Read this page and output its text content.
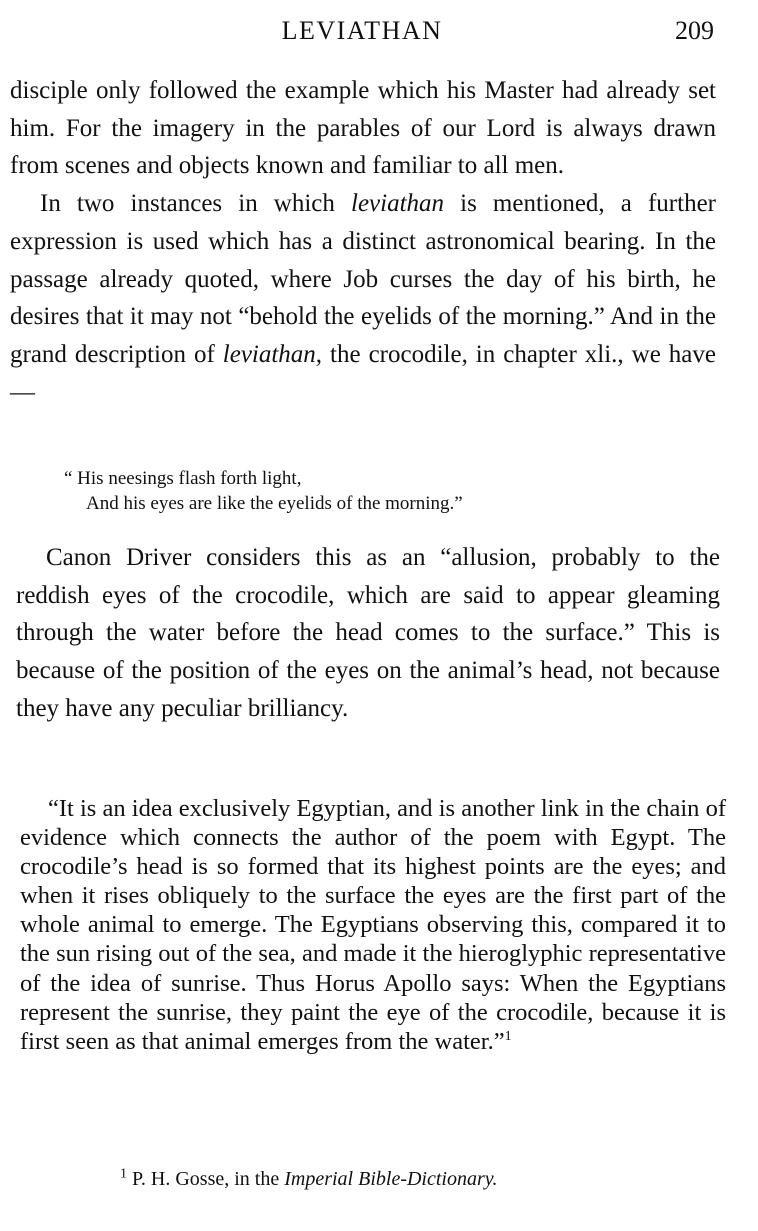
LEVIATHAN	209

disciple only followed the example which his Master had already set him. For the imagery in the parables of our Lord is always drawn from scenes and objects known and familiar to all men.

In two instances in which leviathan is mentioned, a further expression is used which has a distinct astronomical bearing. In the passage already quoted, where Job curses the day of his birth, he desires that it may not “behold the eyelids of the morning.” And in the grand description of leviathan, the crocodile, in chapter xli., we have—

“ His neesings flash forth light,
And his eyes are like the eyelids of the morning.”

Canon Driver considers this as an “allusion, probably to the reddish eyes of the crocodile, which are said to appear gleaming through the water before the head comes to the surface.” This is because of the position of the eyes on the animal’s head, not because they have any peculiar brilliancy.

“It is an idea exclusively Egyptian, and is another link in the chain of evidence which connects the author of the poem with Egypt. The crocodile’s head is so formed that its highest points are the eyes; and when it rises obliquely to the surface the eyes are the first part of the whole animal to emerge. The Egyptians observing this, compared it to the sun rising out of the sea, and made it the hieroglyphic representative of the idea of sunrise. Thus Horus Apollo says: When the Egyptians represent the sunrise, they paint the eye of the crocodile, because it is first seen as that animal emerges from the water.”$^1$

$^1$ P. H. Gosse, in the Imperial Bible-Dictionary.
